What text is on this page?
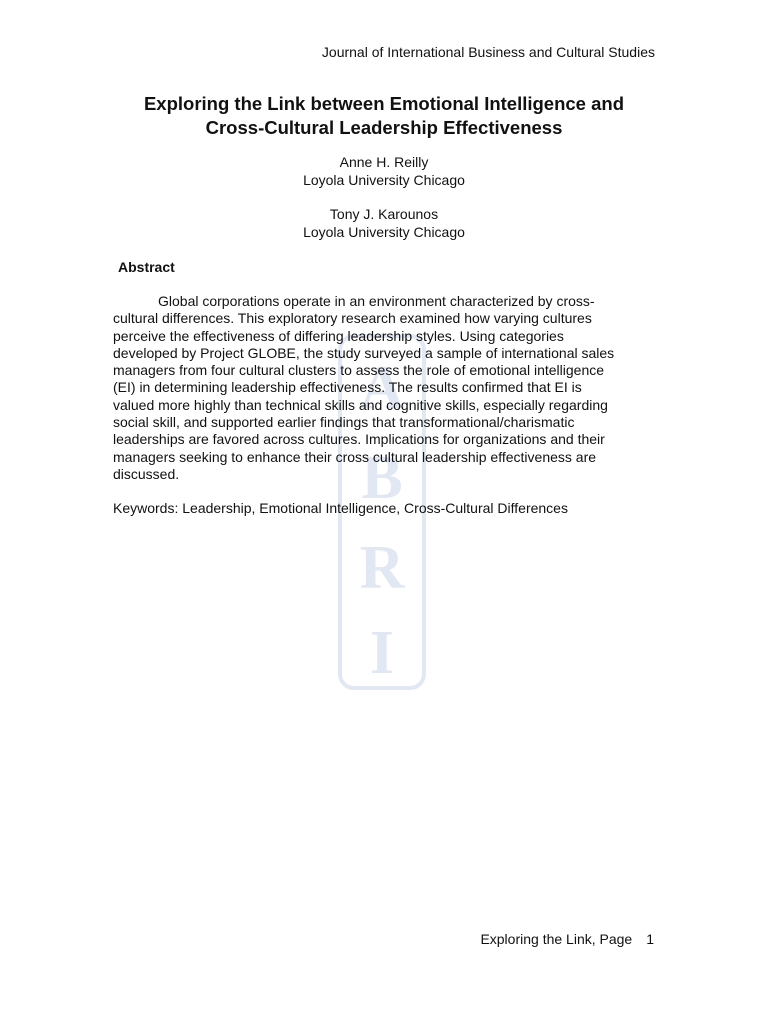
Journal of International Business and Cultural Studies
Exploring the Link between Emotional Intelligence and
Cross-Cultural Leadership Effectiveness
Anne H. Reilly
Loyola University Chicago
Tony J. Karounos
Loyola University Chicago
Abstract
A
B
R
I
Global corporations operate in an environment characterized by cross-
cultural differences. This exploratory research examined how varying cultures
perceive the effectiveness of differing leadership styles. Using categories
developed by Project GLOBE, the study surveyed a sample of international sales
managers from four cultural clusters to assess the role of emotional intelligence
(EI) in determining leadership effectiveness. The results confirmed that EI is
valued more highly than technical skills and cognitive skills, especially regarding
social skill, and supported earlier findings that transformational/charismatic
leaderships are favored across cultures. Implications for organizations and their
managers seeking to enhance their cross cultural leadership effectiveness are
discussed.
Keywords: Leadership, Emotional Intelligence, Cross-Cultural Differences
Exploring the Link, Page 1
